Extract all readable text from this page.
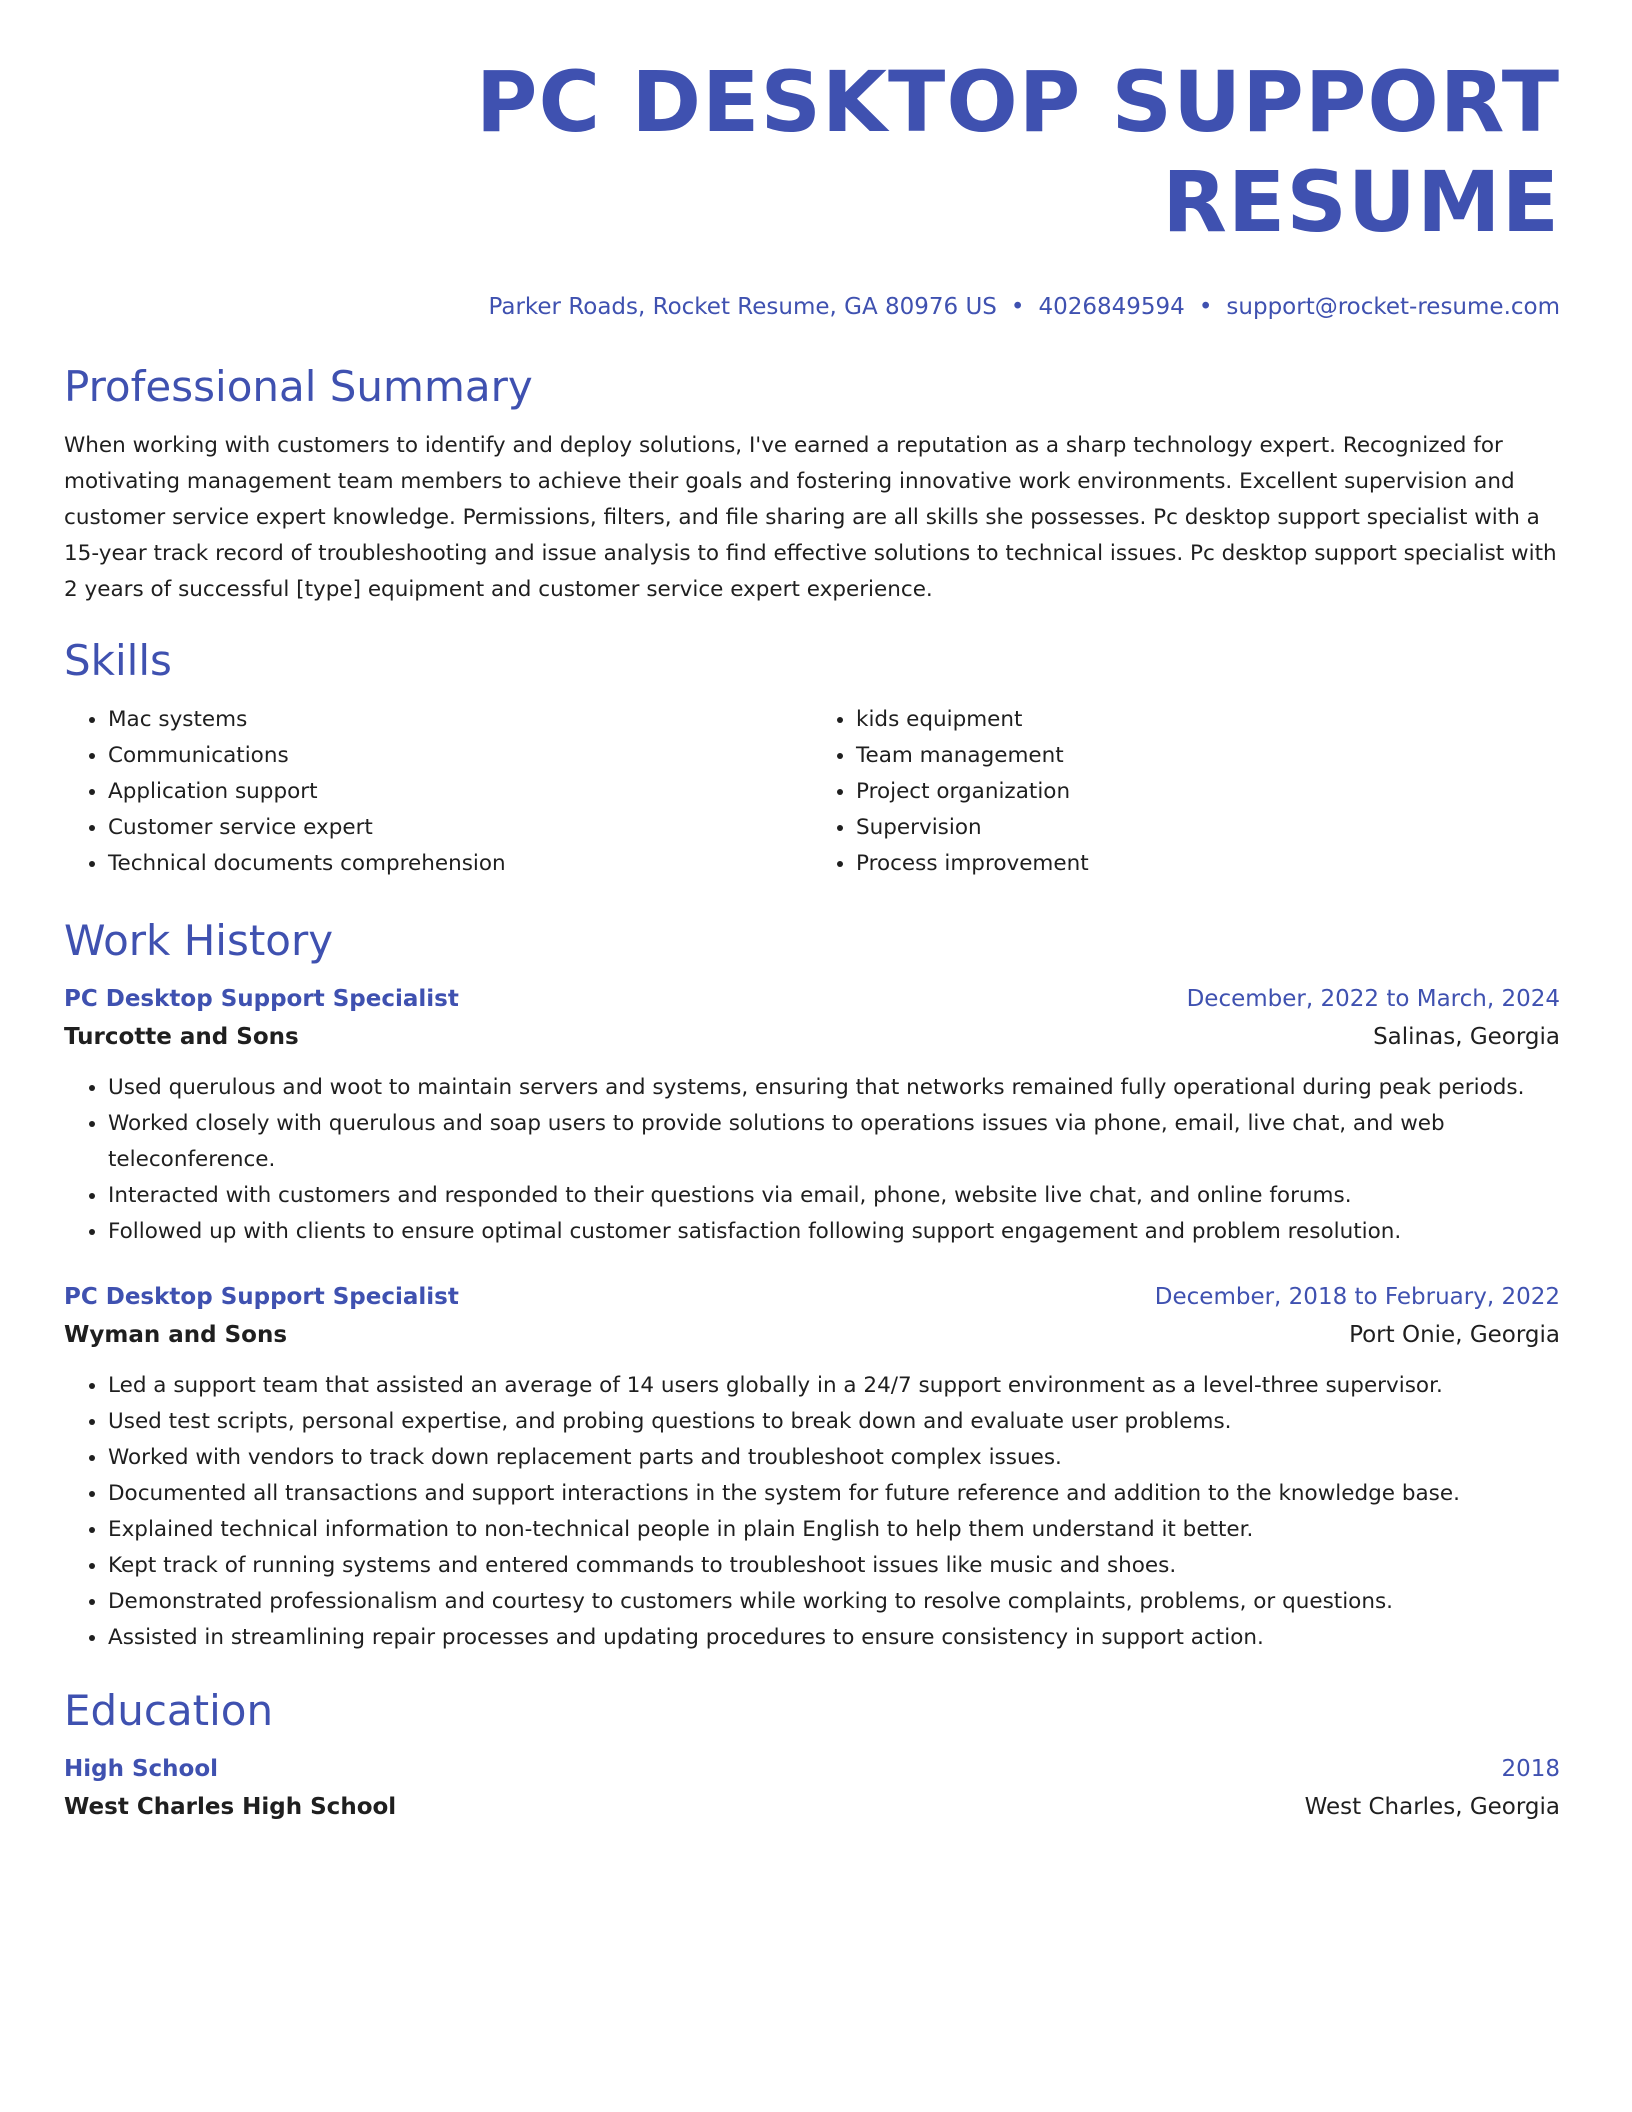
PC DESKTOP SUPPORT RESUME
Parker Roads, Rocket Resume, GA 80976 US • 4026849594 • support@rocket-resume.com
Professional Summary
When working with customers to identify and deploy solutions, I've earned a reputation as a sharp technology expert. Recognized for motivating management team members to achieve their goals and fostering innovative work environments. Excellent supervision and customer service expert knowledge. Permissions, filters, and file sharing are all skills she possesses. Pc desktop support specialist with a 15-year track record of troubleshooting and issue analysis to find effective solutions to technical issues. Pc desktop support specialist with 2 years of successful [type] equipment and customer service expert experience.
Skills
• Mac systems
• Communications
• Application support
• Customer service expert
• Technical documents comprehension
• kids equipment
• Team management
• Project organization
• Supervision
• Process improvement
Work History
PC Desktop Support Specialist	December, 2022 to March, 2024
Turcotte and Sons	Salinas, Georgia
• Used querulous and woot to maintain servers and systems, ensuring that networks remained fully operational during peak periods.
• Worked closely with querulous and soap users to provide solutions to operations issues via phone, email, live chat, and web teleconference.
• Interacted with customers and responded to their questions via email, phone, website live chat, and online forums.
• Followed up with clients to ensure optimal customer satisfaction following support engagement and problem resolution.
PC Desktop Support Specialist	December, 2018 to February, 2022
Wyman and Sons	Port Onie, Georgia
• Led a support team that assisted an average of 14 users globally in a 24/7 support environment as a level-three supervisor.
• Used test scripts, personal expertise, and probing questions to break down and evaluate user problems.
• Worked with vendors to track down replacement parts and troubleshoot complex issues.
• Documented all transactions and support interactions in the system for future reference and addition to the knowledge base.
• Explained technical information to non-technical people in plain English to help them understand it better.
• Kept track of running systems and entered commands to troubleshoot issues like music and shoes.
• Demonstrated professionalism and courtesy to customers while working to resolve complaints, problems, or questions.
• Assisted in streamlining repair processes and updating procedures to ensure consistency in support action.
Education
High School	2018
West Charles High School	West Charles, Georgia
